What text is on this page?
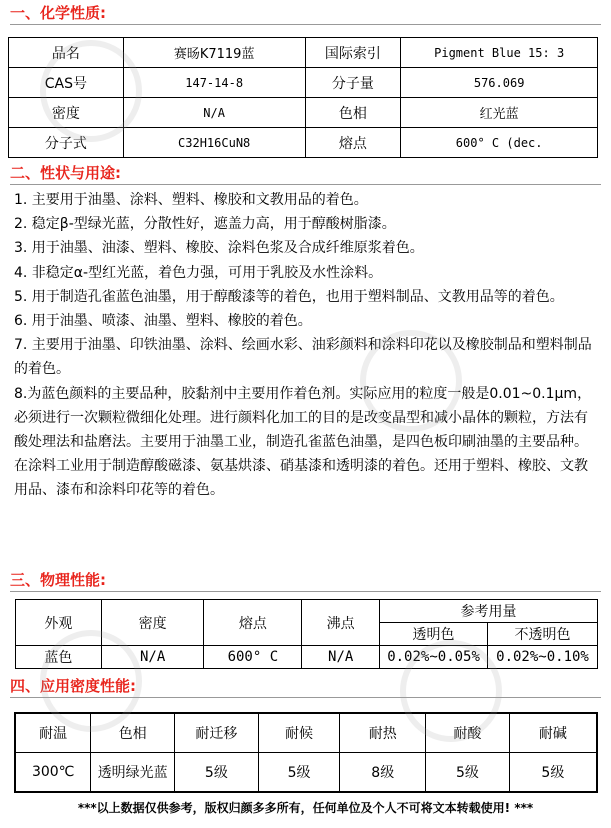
一、化学性质:
品名	赛旸K7119蓝	国际索引	Pigment Blue 15: 3
CAS号	147-14-8	分子量	576.069
密度	N/A	色相	红光蓝
分子式	C32H16CuN8	熔点	600° C (dec.
二、性状与用途:

1. 主要用于油墨、涂料、塑料、橡胶和文教用品的着色。

2. 稳定β-型绿光蓝，分散性好，遮盖力高，用于醇酸树脂漆。

3. 用于油墨、油漆、塑料、橡胶、涂料色浆及合成纤维原浆着色。

4. 非稳定α-型红光蓝，着色力强，可用于乳胶及水性涂料。

5. 用于制造孔雀蓝色油墨，用于醇酸漆等的着色，也用于塑料制品、文教用品等的着色。

6. 用于油墨、喷漆、油墨、塑料、橡胶的着色。

7. 主要用于油墨、印铁油墨、涂料、绘画水彩、油彩颜料和涂料印花以及橡胶制品和塑料制品的着色。

8.为蓝色颜料的主要品种，胶黏剂中主要用作着色剂。实际应用的粒度一般是0.01~0.1μm，必须进行一次颗粒微细化处理。进行颜料化加工的目的是改变晶型和减小晶体的颗粒，方法有酸处理法和盐磨法。主要用于油墨工业，制造孔雀蓝色油墨，是四色板印刷油墨的主要品种。在涂料工业用于制造醇酸磁漆、氨基烘漆、硝基漆和透明漆的着色。还用于塑料、橡胶、文教用品、漆布和涂料印花等的着色。

三、物理性能:
外观	密度	熔点	沸点	参考用量	
				透明色	不透明色
蓝色	N/A	600° C	N/A	0.02%~0.05%	0.02%~0.10%
四、应用密度性能:
耐温	色相	耐迁移	耐候	耐热	耐酸	耐碱
300℃	透明绿光蓝	5级	5级	8级	5级	5级
***以上数据仅供参考，版权归颜多多所有，任何单位及个人不可将文本转载使用! ***
